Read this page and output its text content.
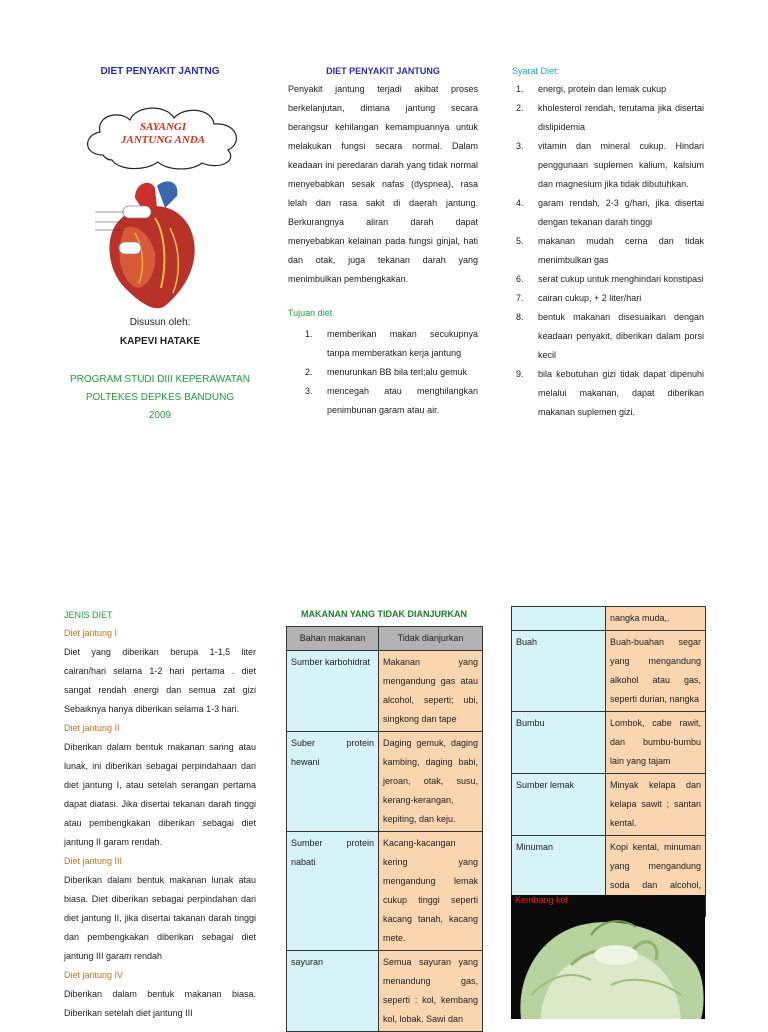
DIET PENYAKIT JANTNG
SAYANGI
JANTUNG ANDA
Disusun oleh:
KAPEVI HATAKE
PROGRAM STUDI DIII KEPERAWATAN
POLTEKES DEPKES BANDUNG
2009
DIET PENYAKIT JANTUNG
Penyakit jantung terjadi akibat proses berkelanjutan, dimana jantung secara berangsur kehilangan kemampuannya untuk melakukan fungsi secara normal. Dalam keadaan ini peredaran darah yang tidak normal menyebabkan sesak nafas (dyspnea), rasa lelah dan rasa sakit di daerah jantung. Berkurangnya aliran darah dapat menyebabkan kelainan pada fungsi ginjal, hati dan otak, juga tekanan darah yang menimbulkan pembengkakan.
Tujuan diet
1.	memberikan makan secukupnya tanpa memberatkan kerja jantung
2.	menurunkan BB bila terl;alu gemuk
3.	mencegah atau menghilangkan penimbunan garam atau air.
Syarat Diet:
1.	energi, protein dan lemak cukup
2.	kholesterol rendah, terutama jika disertai dislipidemia
3.	vitamin dan mineral cukup. Hindari penggunaan suplemen kalium, kalsium dan magnesium jika tidak dibutuhkan.
4.	garam rendah, 2-3 g/hari, jika disertai dengan tekanan darah tinggi
5.	makanan mudah cerna dan tidak menimbulkan gas
6.	serat cukup untuk menghindari konstipasi
7.	cairan cukup, + 2 liter/hari
8.	bentuk makanan disesuaikan dengan keadaan penyakit, diberikan dalam porsi kecil
9.	bila kebutuhan gizi tidak dapat dipenuhi melalui makanan, dapat diberikan makanan suplemen gizi.
JENIS DIET
Diet jantung I
Diet yang diberikan berupa 1-1,5 liter cairan/hari selama 1-2 hari pertama . diet sangat rendah energi dan semua zat gizi Sebaiknya hanya diberikan selama 1-3 hari.
Diet jantung II
Diberikan dalam bentuk makanan saring atau lunak, ini diberikan sebagai perpindahaan dari diet jantung I, atau setelah serangan pertama dapat diatasi. Jika disertai tekanan darah tinggi atau pembengkakan diberikan sebagai diet jantung II garam rendah.
Diet jantung III
Diberikan dalam bentuk makanan lunak atau biasa. Diet diberikan sebagai perpindahan dari diet jantung II, jika disertai takanan darah tinggi dan pembengkakan diberikan sebagai diet jantung III garam rendah
Diet jantung IV
Diberikan dalam bentuk makanan biasa. Diberikan setelah diet jantung III
MAKANAN YANG TIDAK DIANJURKAN
Bahan makanan	Tidak dianjurkan
Sumber karbohidrat	Makanan yang mengandung gas atau alcohol, seperti; ubi, singkong dan tape
Suber protein hewani	Daging gemuk, daging kambing, daging babi, jeroan, otak, susu, kerang-kerangan, kepiting, dan keju.
Sumber protein nabati	Kacang-kacangan kering yang mengandung lemak cukup tinggi seperti kacang tanah, kacang mete.
sayuran	Semua sayuran yang menandung gas, seperti : kol, kembang kol, lobak. Sawi dan
	nangka muda,.
Buah	Buah-buahan segar yang mengandung alkohol atau gas, seperti durian, nangka
Bumbu	Lombok, cabe rawit, dan bumbu-bumbu lain yang tajam
Sumber lemak	Minyak kelapa dan kelapa sawit ; santan kental.
Minuman	Kopi kental, minuman yang mengandung soda dan alcohol,
Kembang kol
